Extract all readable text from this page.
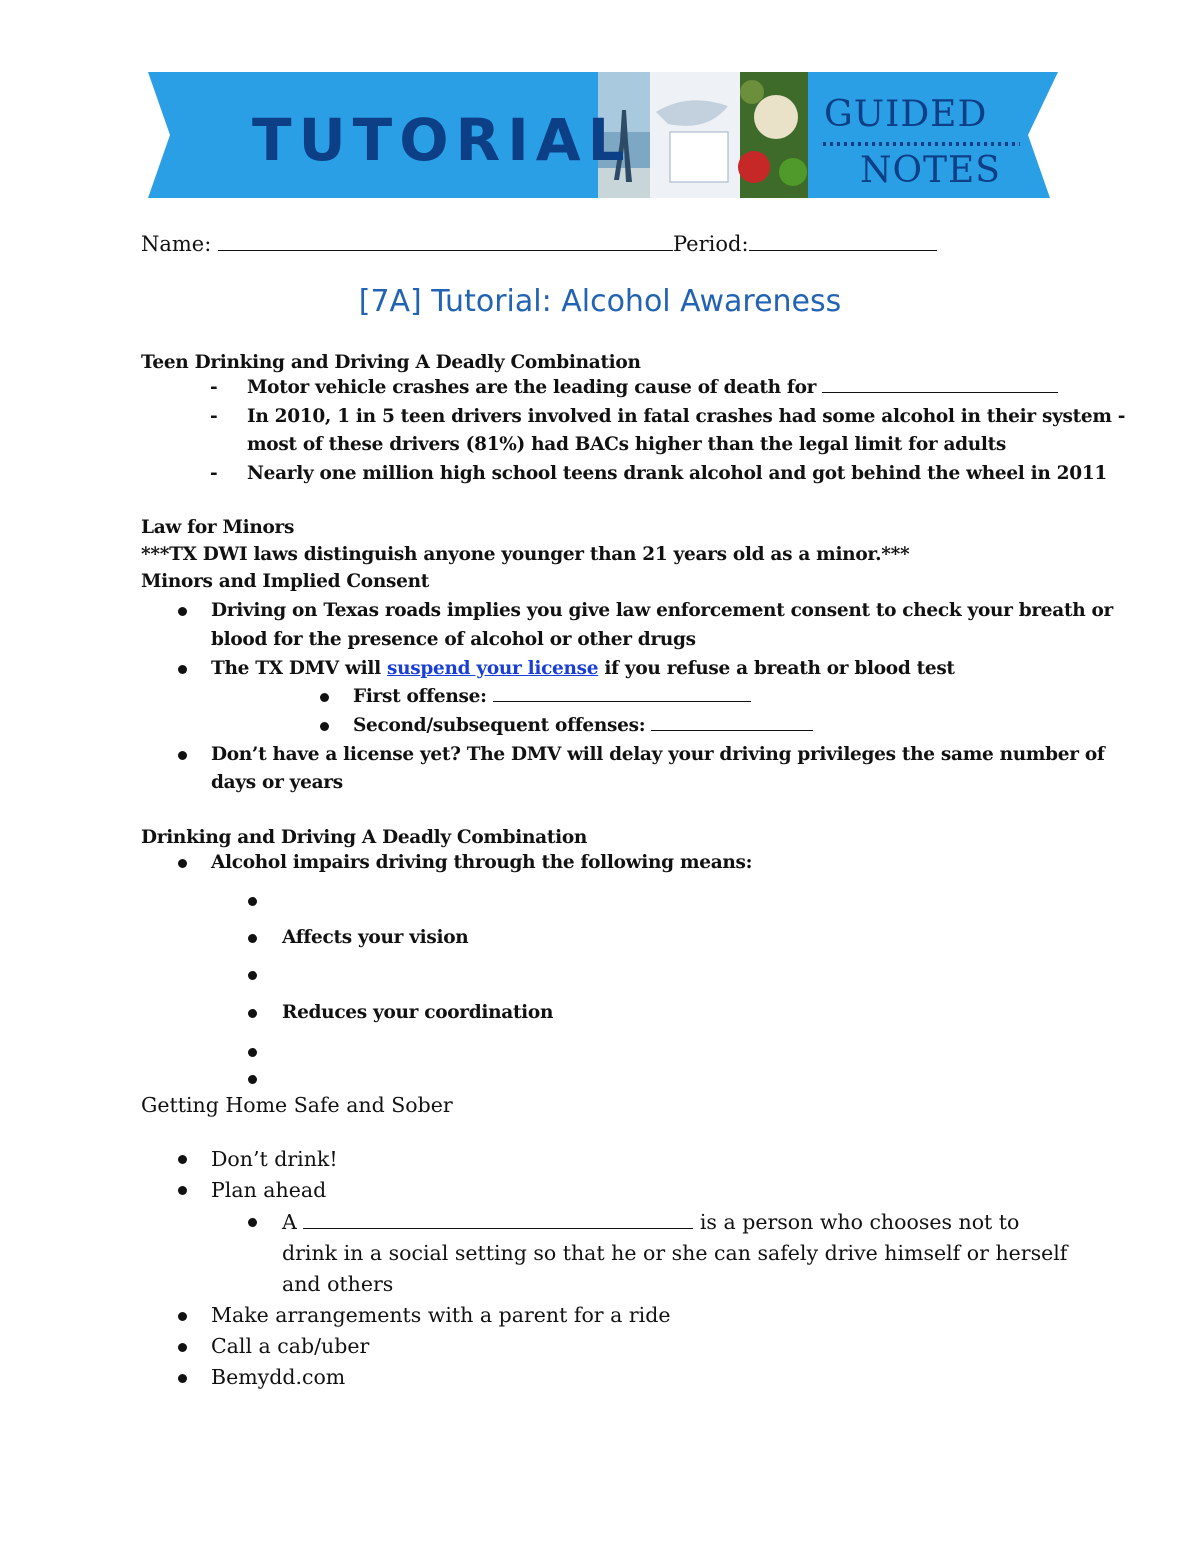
TUTORIAL	GUIDED
NOTES
Name:	Period:
[7A] Tutorial: Alcohol Awareness
Teen Drinking and Driving A Deadly Combination
- Motor vehicle crashes are the leading cause of death for
- In 2010, 1 in 5 teen drivers involved in fatal crashes had some alcohol in their system -
most of these drivers (81%) had BACs higher than the legal limit for adults
- Nearly one million high school teens drank alcohol and got behind the wheel in 2011
Law for Minors
***TX DWI laws distinguish anyone younger than 21 years old as a minor.***
Minors and Implied Consent
Driving on Texas roads implies you give law enforcement consent to check your breath or
blood for the presence of alcohol or other drugs
The TX DMV will suspend your license if you refuse a breath or blood test
First offense:
Second/subsequent offenses:
Don’t have a license yet? The DMV will delay your driving privileges the same number of
days or years
Drinking and Driving A Deadly Combination
Alcohol impairs driving through the following means:
Affects your vision
Reduces your coordination
Getting Home Safe and Sober
Don’t drink!
Plan ahead
A	is a person who chooses not to
drink in a social setting so that he or she can safely drive himself or herself
and others
Make arrangements with a parent for a ride
Call a cab/uber
Bemydd.com
